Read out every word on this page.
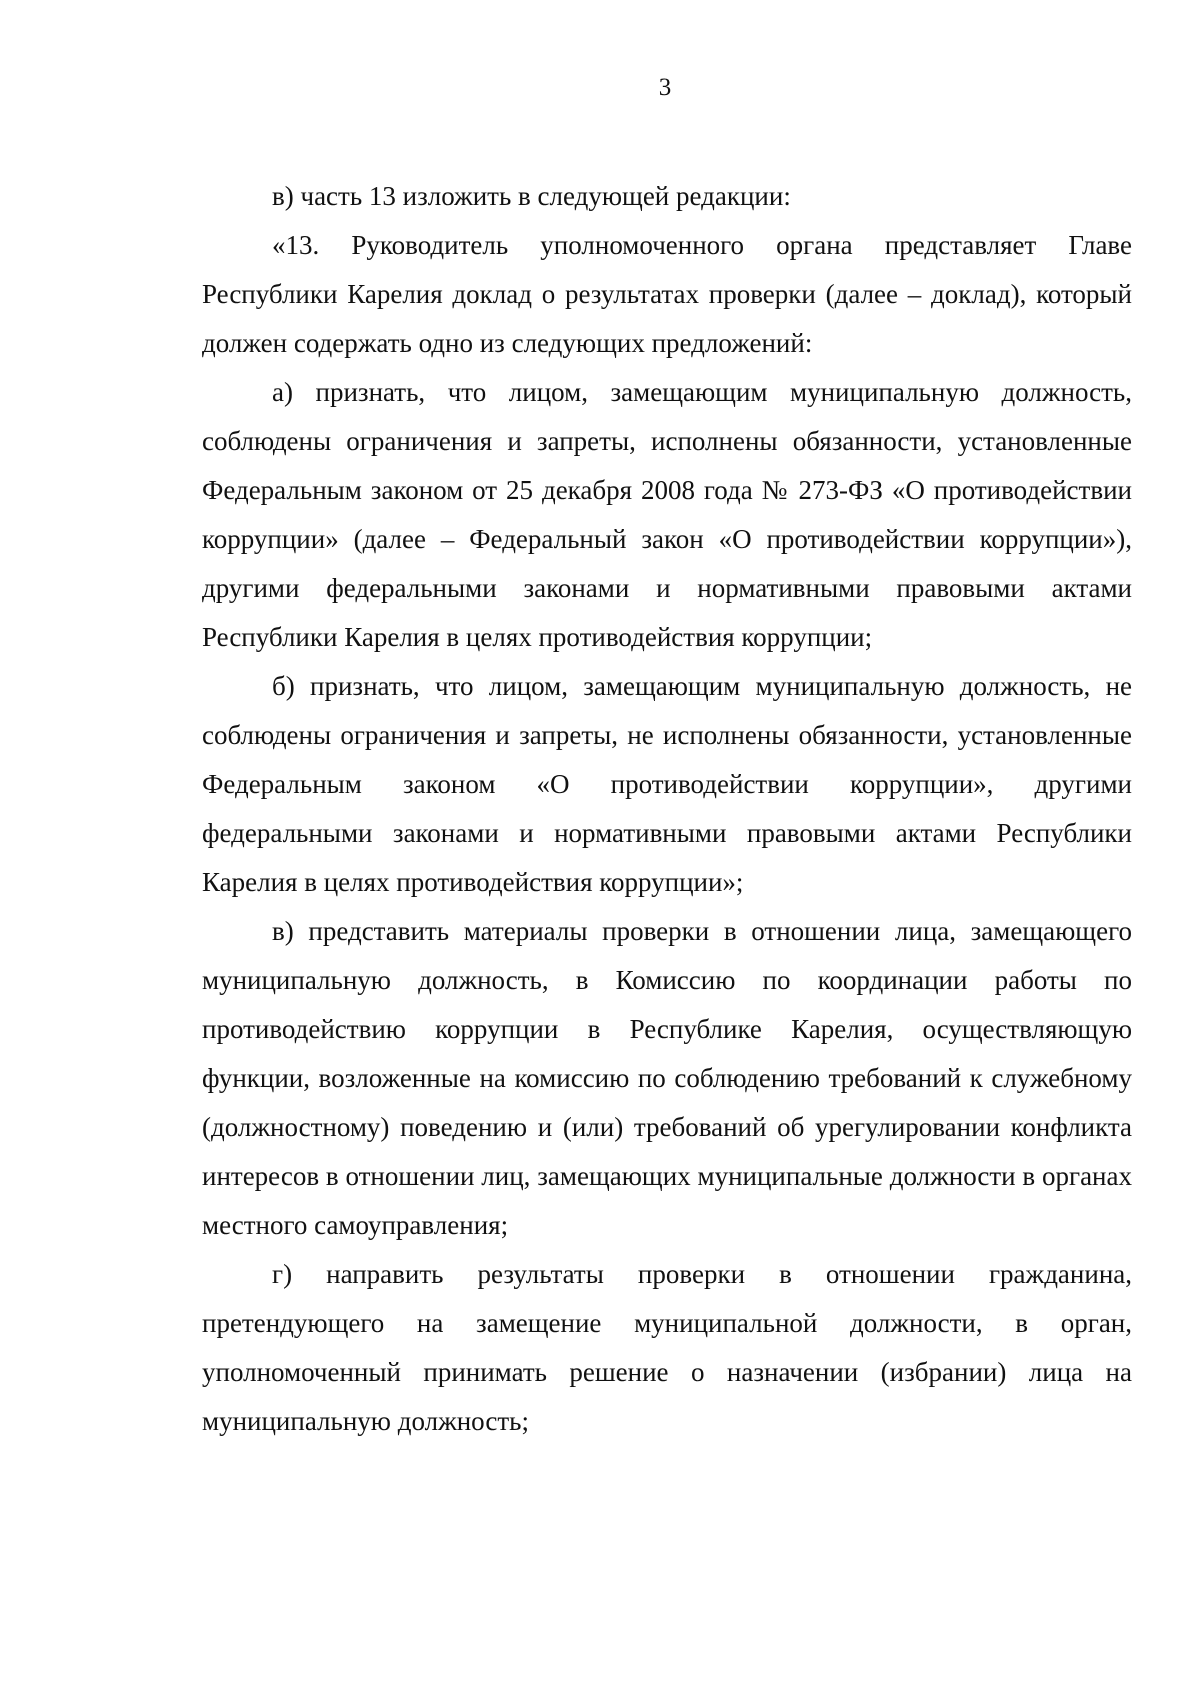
3

в) часть 13 изложить в следующей редакции:

«13. Руководитель уполномоченного органа представляет Главе Республики Карелия доклад о результатах проверки (далее – доклад), который должен содержать одно из следующих предложений:

а) признать, что лицом, замещающим муниципальную должность, соблюдены ограничения и запреты, исполнены обязанности, установленные Федеральным законом от 25 декабря 2008 года № 273-ФЗ «О противодействии коррупции» (далее – Федеральный закон «О противодействии коррупции»), другими федеральными законами и нормативными правовыми актами Республики Карелия в целях противодействия коррупции;

б) признать, что лицом, замещающим муниципальную должность, не соблюдены ограничения и запреты, не исполнены обязанности, установленные Федеральным законом «О противодействии коррупции», другими федеральными законами и нормативными правовыми актами Республики Карелия в целях противодействия коррупции»;

в) представить материалы проверки в отношении лица, замещающего муниципальную должность, в Комиссию по координации работы по противодействию коррупции в Республике Карелия, осуществляющую функции, возложенные на комиссию по соблюдению требований к служебному (должностному) поведению и (или) требований об урегулировании конфликта интересов в отношении лиц, замещающих муниципальные должности в органах местного самоуправления;

г) направить результаты проверки в отношении гражданина, претендующего на замещение муниципальной должности, в орган, уполномоченный принимать решение о назначении (избрании) лица на муниципальную должность;
